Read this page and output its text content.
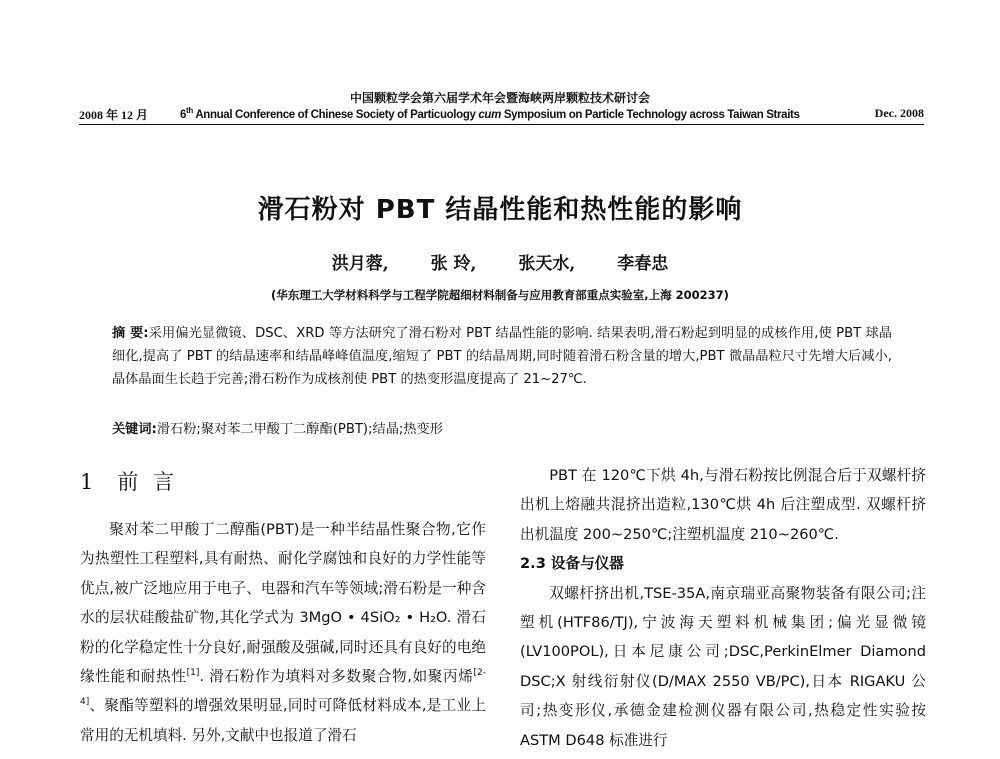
中国颗粒学会第六届学术年会暨海峡两岸颗粒技术研讨会
2008 年 12 月	6th Annual Conference of Chinese Society of Particuology cum Symposium on Particle Technology across Taiwan Straits	Dec. 2008
滑石粉对 PBT 结晶性能和热性能的影响
洪月蓉, 张 玲, 张天水, 李春忠
(华东理工大学材料科学与工程学院超细材料制备与应用教育部重点实验室,上海 200237)
摘 要:采用偏光显微镜、DSC、XRD 等方法研究了滑石粉对 PBT 结晶性能的影响. 结果表明,滑石粉起到明显的成核作用,使 PBT 球晶细化,提高了 PBT 的结晶速率和结晶峰峰值温度,缩短了 PBT 的结晶周期,同时随着滑石粉含量的增大,PBT 微晶晶粒尺寸先增大后减小,晶体晶面生长趋于完善;滑石粉作为成核剂使 PBT 的热变形温度提高了 21~27℃.
关键词:滑石粉;聚对苯二甲酸丁二醇酯(PBT);结晶;热变形
1 前 言

聚对苯二甲酸丁二醇酯(PBT)是一种半结晶性聚合物,它作为热塑性工程塑料,具有耐热、耐化学腐蚀和良好的力学性能等优点,被广泛地应用于电子、电器和汽车等领域;滑石粉是一种含水的层状硅酸盐矿物,其化学式为 3MgO • 4SiO₂ • H₂O. 滑石粉的化学稳定性十分良好,耐强酸及强碱,同时还具有良好的电绝缘性能和耐热性[1]. 滑石粉作为填料对多数聚合物,如聚丙烯[2-4]、聚酯等塑料的增强效果明显,同时可降低材料成本,是工业上常用的无机填料. 另外,文献中也报道了滑石

PBT 在 120℃下烘 4h,与滑石粉按比例混合后于双螺杆挤出机上熔融共混挤出造粒,130℃烘 4h 后注塑成型. 双螺杆挤出机温度 200~250℃;注塑机温度 210~260℃.

2.3 设备与仪器

双螺杆挤出机,TSE-35A,南京瑞亚高聚物装备有限公司;注塑机(HTF86/TJ),宁波海天塑料机械集团;偏光显微镜(LV100POL),日本尼康公司;DSC,PerkinElmer Diamond DSC;X 射线衍射仪(D/MAX 2550 VB/PC),日本 RIGAKU 公司;热变形仪,承德金建检测仪器有限公司,热稳定性实验按 ASTM D648 标准进行
